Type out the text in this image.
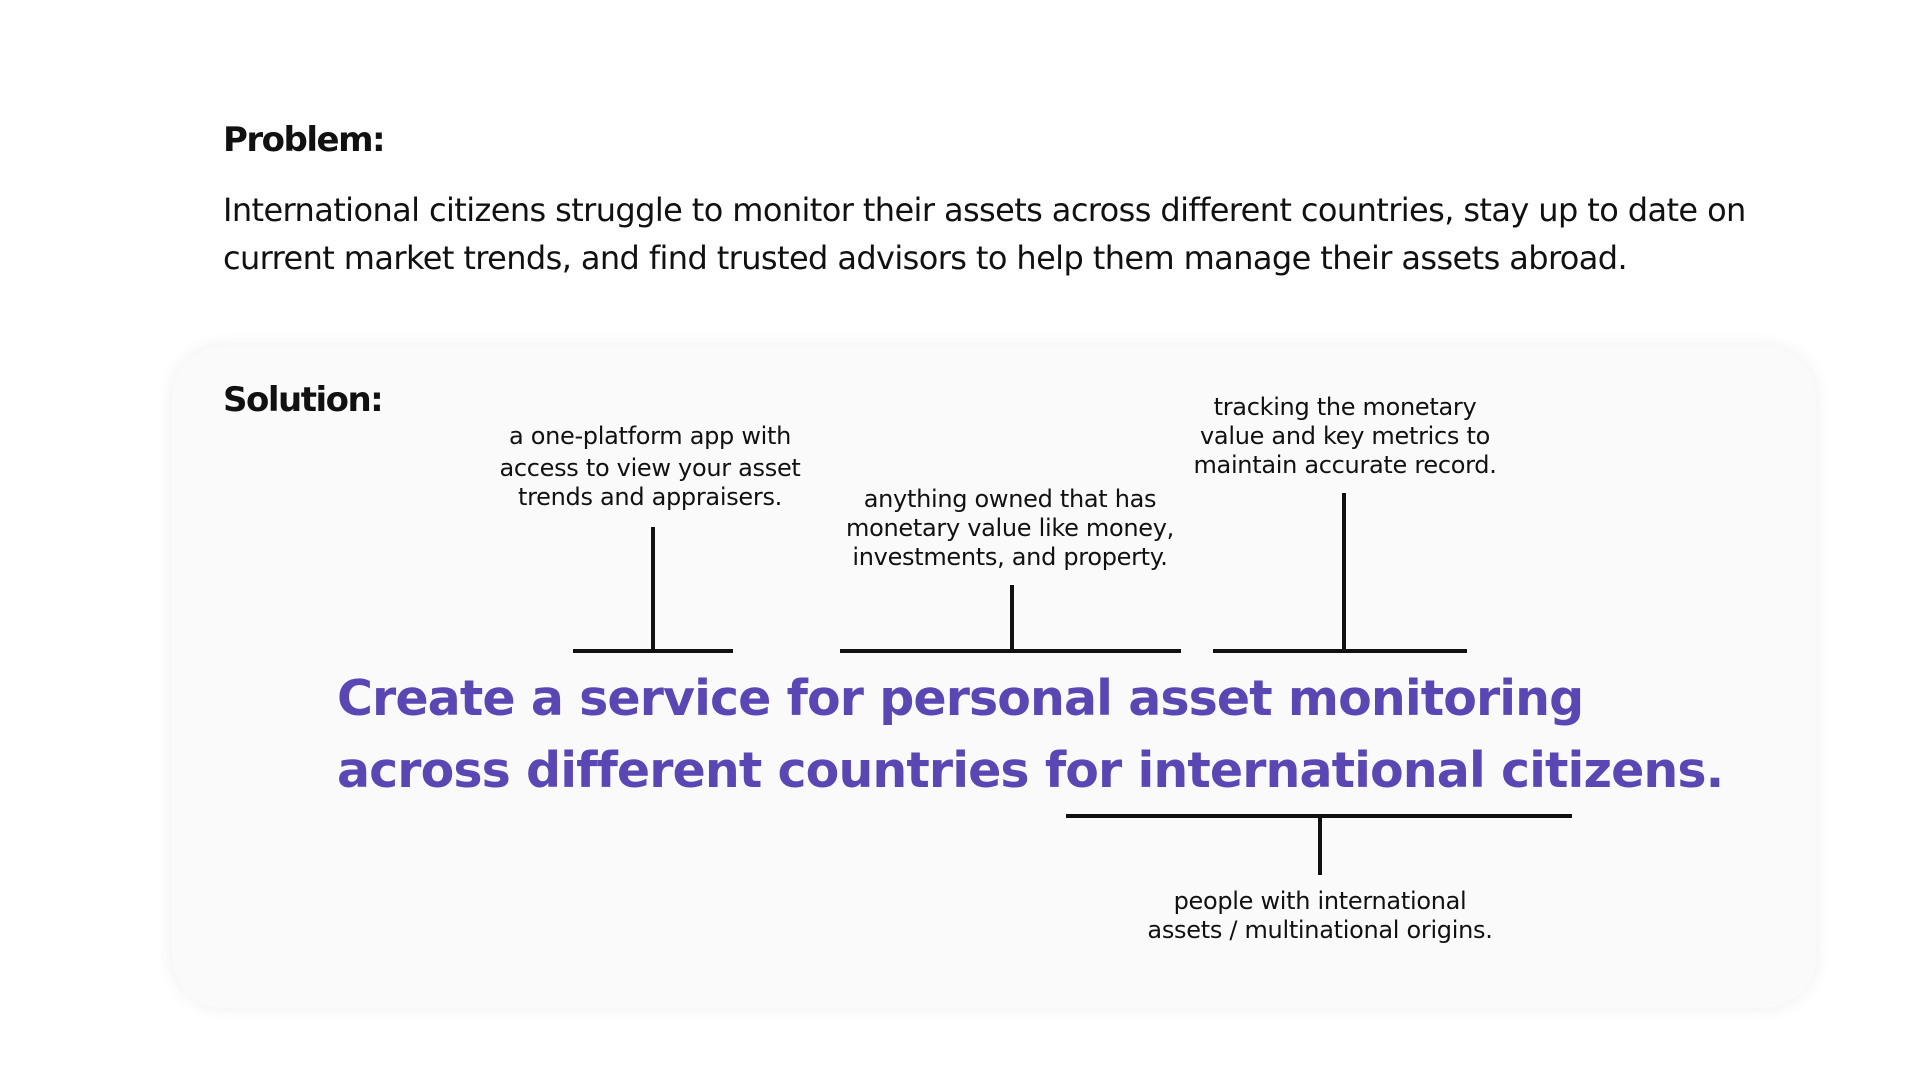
Problem:

International citizens struggle to monitor their assets across different countries, stay up to date on current market trends, and find trusted advisors to help them manage their assets abroad.

Solution:
a one-platform app with
access to view your asset
trends and appraisers.	anything owned that has
monetary value like money,
investments, and property.
tracking the monetary
value and key metrics to
maintain accurate record.

Create a service for personal asset monitoring
across different countries for international citizens.

people with international
assets / multinational origins.
